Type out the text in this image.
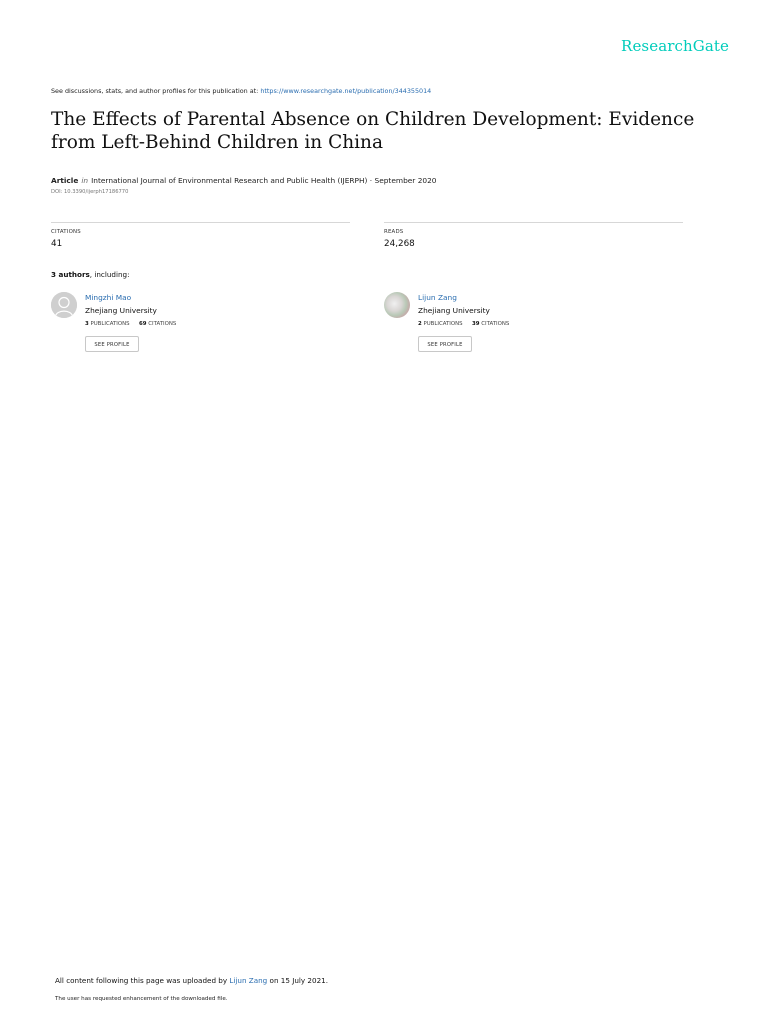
ResearchGate
See discussions, stats, and author profiles for this publication at: https://www.researchgate.net/publication/344355014
The Effects of Parental Absence on Children Development: Evidence from Left-Behind Children in China
Article in International Journal of Environmental Research and Public Health (IJERPH) · September 2020
DOI: 10.3390/ijerph17186770
CITATIONS
41
READS
24,268
3 authors, including:
Mingzhi Mao
Zhejiang University
3 PUBLICATIONS 69 CITATIONS
SEE PROFILE
Lijun Zang
Zhejiang University
2 PUBLICATIONS 39 CITATIONS
SEE PROFILE
All content following this page was uploaded by Lijun Zang on 15 July 2021.
The user has requested enhancement of the downloaded file.
